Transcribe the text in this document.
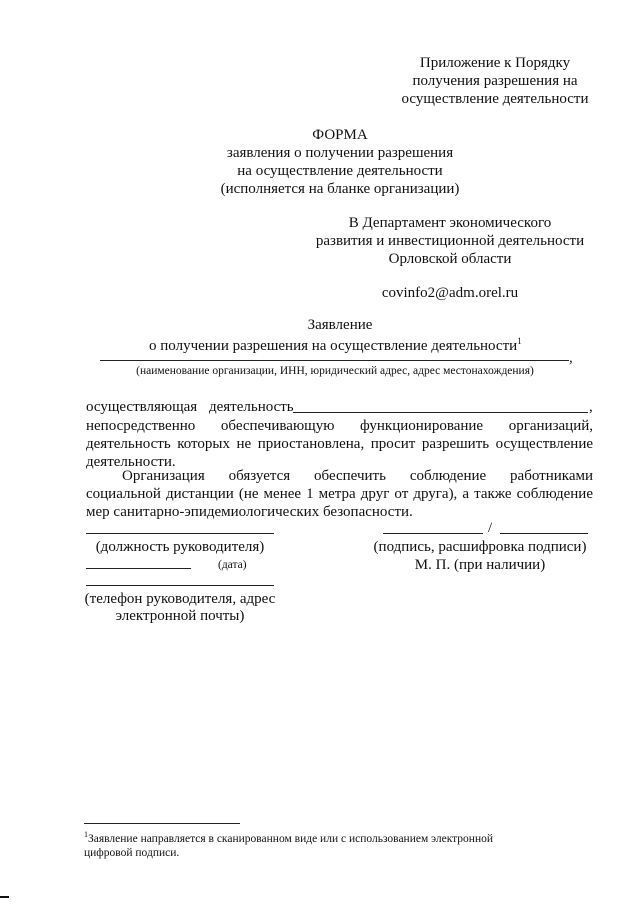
Приложение к Порядку
получения разрешения на
осуществление деятельности
ФОРМА
заявления о получении разрешения
на осуществление деятельности
(исполняется на бланке организации)
В Департамент экономического
развития и инвестиционной деятельности
Орловской области
covinfo2@adm.orel.ru
Заявление
о получении разрешения на осуществление деятельности$^1$
,
(наименование организации, ИНН, юридический адрес, адрес местонахождения)
осуществляющая деятельность	,
непосредственно обеспечивающую функционирование организаций,
деятельность которых не приостановлена, просит разрешить осуществление
деятельности.
Организация обязуется обеспечить соблюдение работниками
социальной дистанции (не менее 1 метра друг от друга), а также соблюдение
мер санитарно-эпидемиологических безопасности.
(должность руководителя)
(дата)
(телефон руководителя, адрес
электронной почты)
/
(подпись, расшифровка подписи)
М. П. (при наличии)
$^1$Заявление направляется в сканированном виде или с использованием электронной
цифровой подписи.
